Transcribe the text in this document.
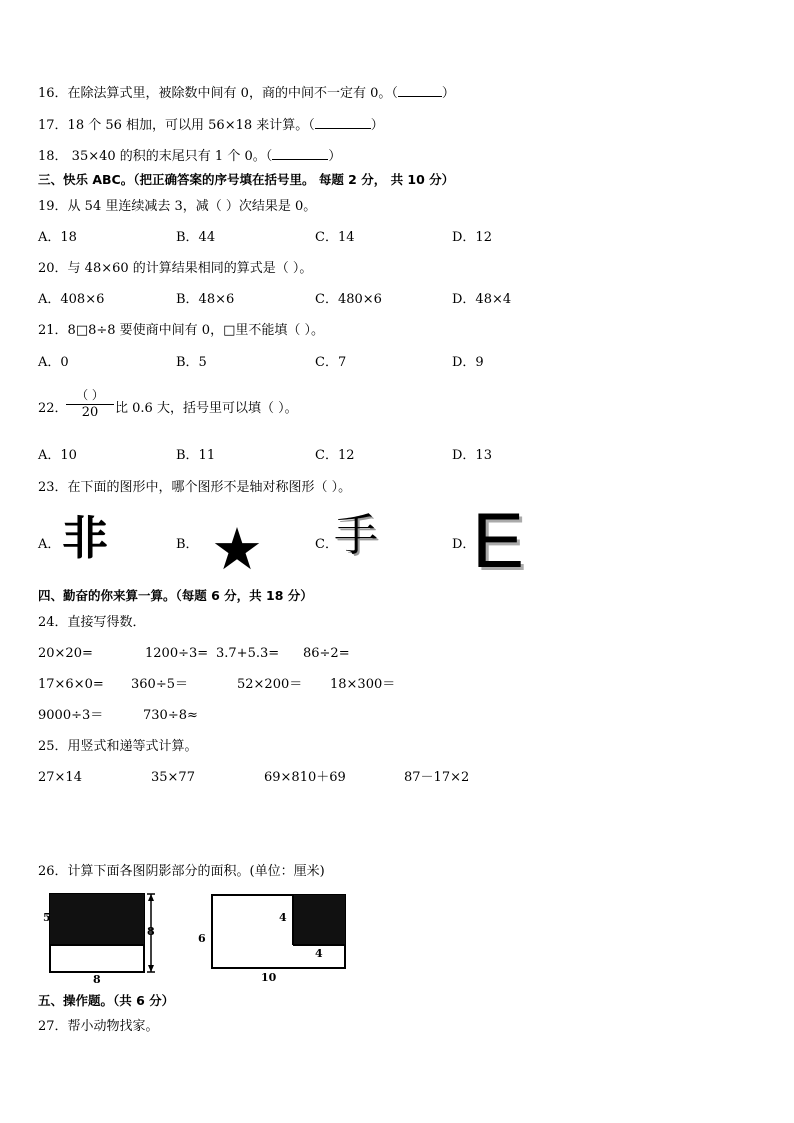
16．在除法算式里，被除数中间有 0，商的中间不一定有 0。（	）
17．18 个 56 相加，可以用 56×18 来计算。（	）
18． 35×40 的积的末尾只有 1 个 0。（	）
三、快乐 ABC。（把正确答案的序号填在括号里。 每题 2 分， 共 10 分）
19．从 54 里连续减去 3，减（ ）次结果是 0。
A．18	B．44	C．14	D．12
20．与 48×60 的计算结果相同的算式是（ ）。
A．408×6	B．48×6	C．480×6	D．48×4
21．8□8÷8 要使商中间有 0，□里不能填（ ）。
A．0	B．5	C．7	D．9
22．
（ ）
20	比 0.6 大，括号里可以填（ ）。
A．10	B．11	C．12	D．13
23．在下面的图形中，哪个图形不是轴对称图形（ ）。
A． 非	B． ★	C．
手	D．
E
四、勤奋的你来算一算。（每题 6 分，共 18 分）
24．直接写得数．
20×20=	1200÷3= 3.7+5.3= 86÷2=
17×6×0= 360÷5＝	52×200＝ 18×300＝
9000÷3＝	730÷8≈
25．用竖式和递等式计算。
27×14	35×77	69×810＋69	87－17×2
26．计算下面各图阴影部分的面积。(单位：厘米)
5
8
8
6
4
4
10
五、操作题。（共 6 分）
27．帮小动物找家。
